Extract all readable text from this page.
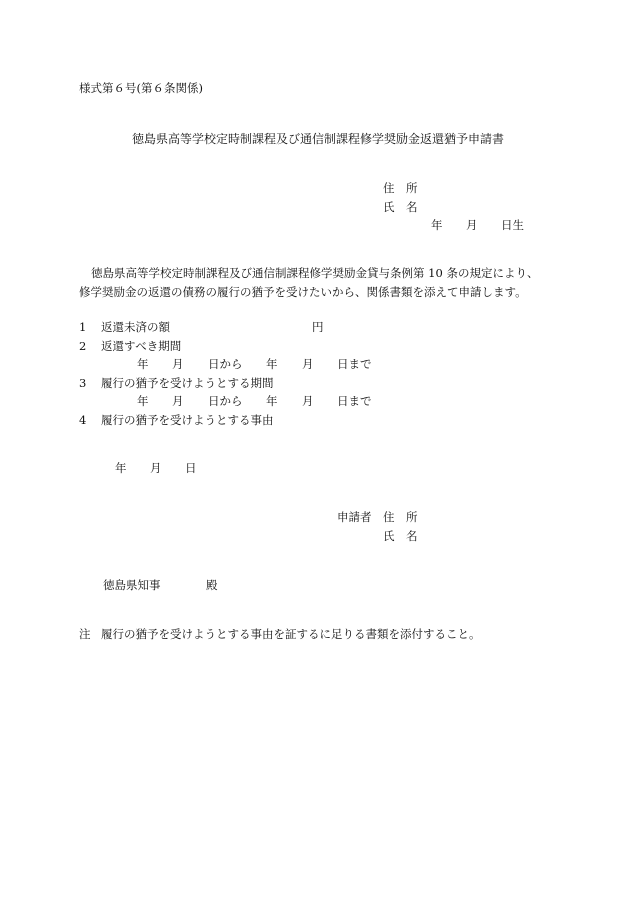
様式第６号(第６条関係)
徳島県高等学校定時制課程及び通信制課程修学奨励金返還猶予申請書
住　所
氏　名
年 月 日生
徳島県高等学校定時制課程及び通信制課程修学奨励金貸与条例第 10 条の規定により、
修学奨励金の返還の債務の履行の猶予を受けたいから、関係書類を添えて申請します。
1 返還未済の額	円
2 返還すべき期間
年 月 日から 年 月 日まで
3 履行の猶予を受けようとする期間
年 月 日から 年 月 日まで
4 履行の猶予を受けようとする事由
年 月 日
申請者 住　所
氏　名
徳島県知事	殿
注 履行の猶予を受けようとする事由を証するに足りる書類を添付すること。
